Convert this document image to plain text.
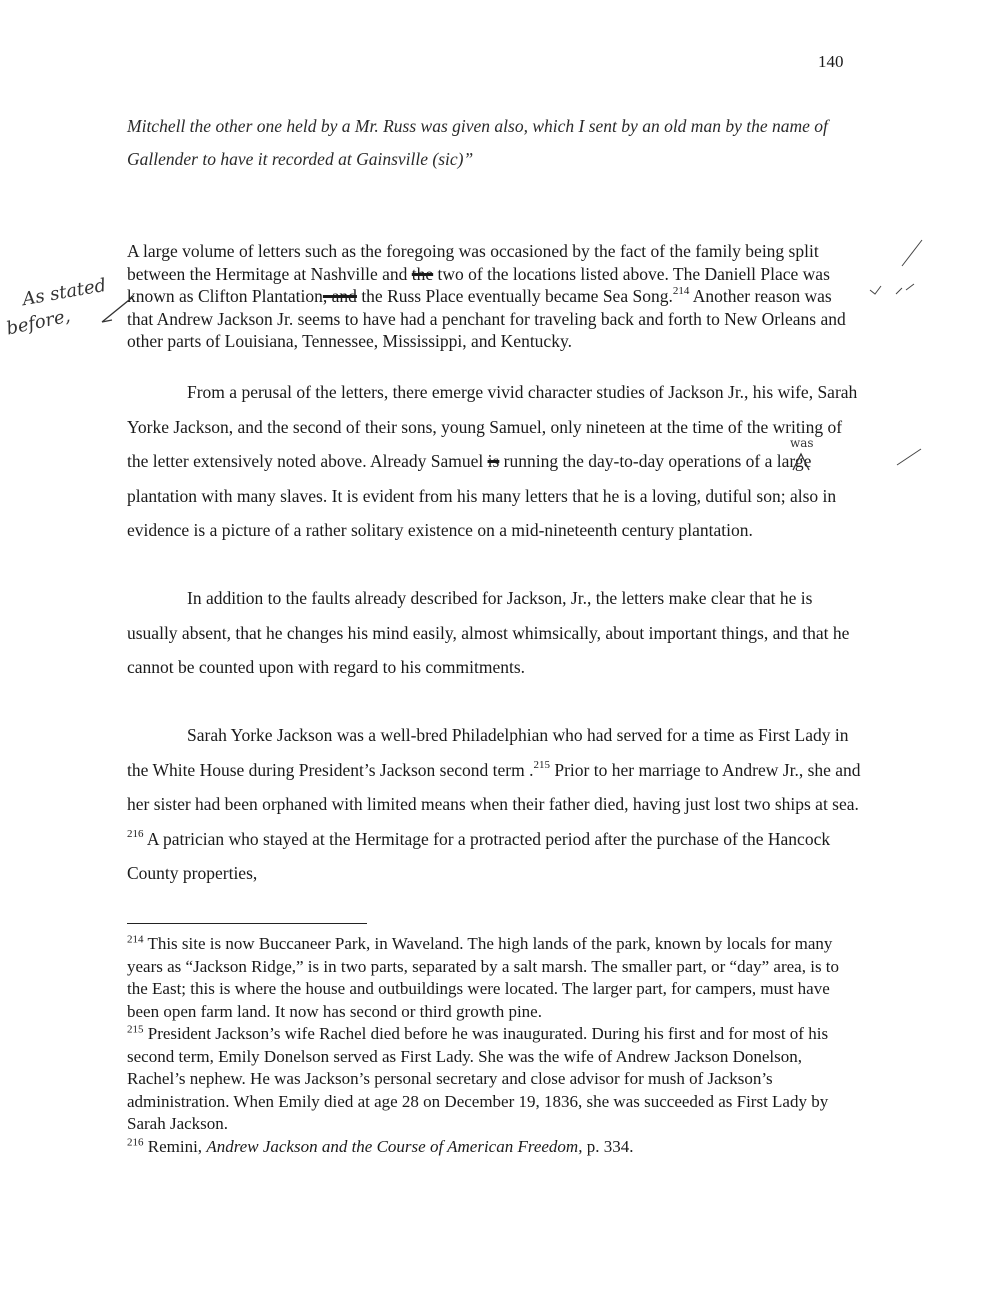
140
Mitchell the other one held by a Mr. Russ was given also, which I sent by an old man by the name of Gallender to have it recorded at Gainsville (sic)”

A large volume of letters such as the foregoing was occasioned by the fact of the family being split between the Hermitage at Nashville and the two of the locations listed above. The Daniell Place was known as Clifton Plantation, and the Russ Place eventually became Sea Song.$^{214}$ Another reason was that Andrew Jackson Jr. seems to have had a penchant for traveling back and forth to New Orleans and other parts of Louisiana, Tennessee, Mississippi, and Kentucky.

From a perusal of the letters, there emerge vivid character studies of Jackson Jr., his wife, Sarah Yorke Jackson, and the second of their sons, young Samuel, only nineteen at the time of the writing of the letter extensively noted above. Already Samuel is running the day-to-day operations of a large plantation with many slaves. It is evident from his many letters that he is a loving, dutiful son; also in evidence is a picture of a rather solitary existence on a mid-nineteenth century plantation.

In addition to the faults already described for Jackson, Jr., the letters make clear that he is usually absent, that he changes his mind easily, almost whimsically, about important things, and that he cannot be counted upon with regard to his commitments.

Sarah Yorke Jackson was a well-bred Philadelphian who had served for a time as First Lady in the White House during President’s Jackson second term .$^{215}$ Prior to her marriage to Andrew Jr., she and her sister had been orphaned with limited means when their father died, having just lost two ships at sea. $^{216}$ A patrician who stayed at the Hermitage for a protracted period after the purchase of the Hancock County properties,

$^{214}$ This site is now Buccaneer Park, in Waveland. The high lands of the park, known by locals for many years as “Jackson Ridge,” is in two parts, separated by a salt marsh. The smaller part, or “day” area, is to the East; this is where the house and outbuildings were located. The larger part, for campers, must have been open farm land. It now has second or third growth pine.

$^{215}$ President Jackson’s wife Rachel died before he was inaugurated. During his first and for most of his second term, Emily Donelson served as First Lady. She was the wife of Andrew Jackson Donelson, Rachel’s nephew. He was Jackson’s personal secretary and close advisor for mush of Jackson’s administration. When Emily died at age 28 on December 19, 1836, she was succeeded as First Lady by Sarah Jackson.

$^{216}$ Remini, Andrew Jackson and the Course of American Freedom, p. 334.

As stated
before,
was
